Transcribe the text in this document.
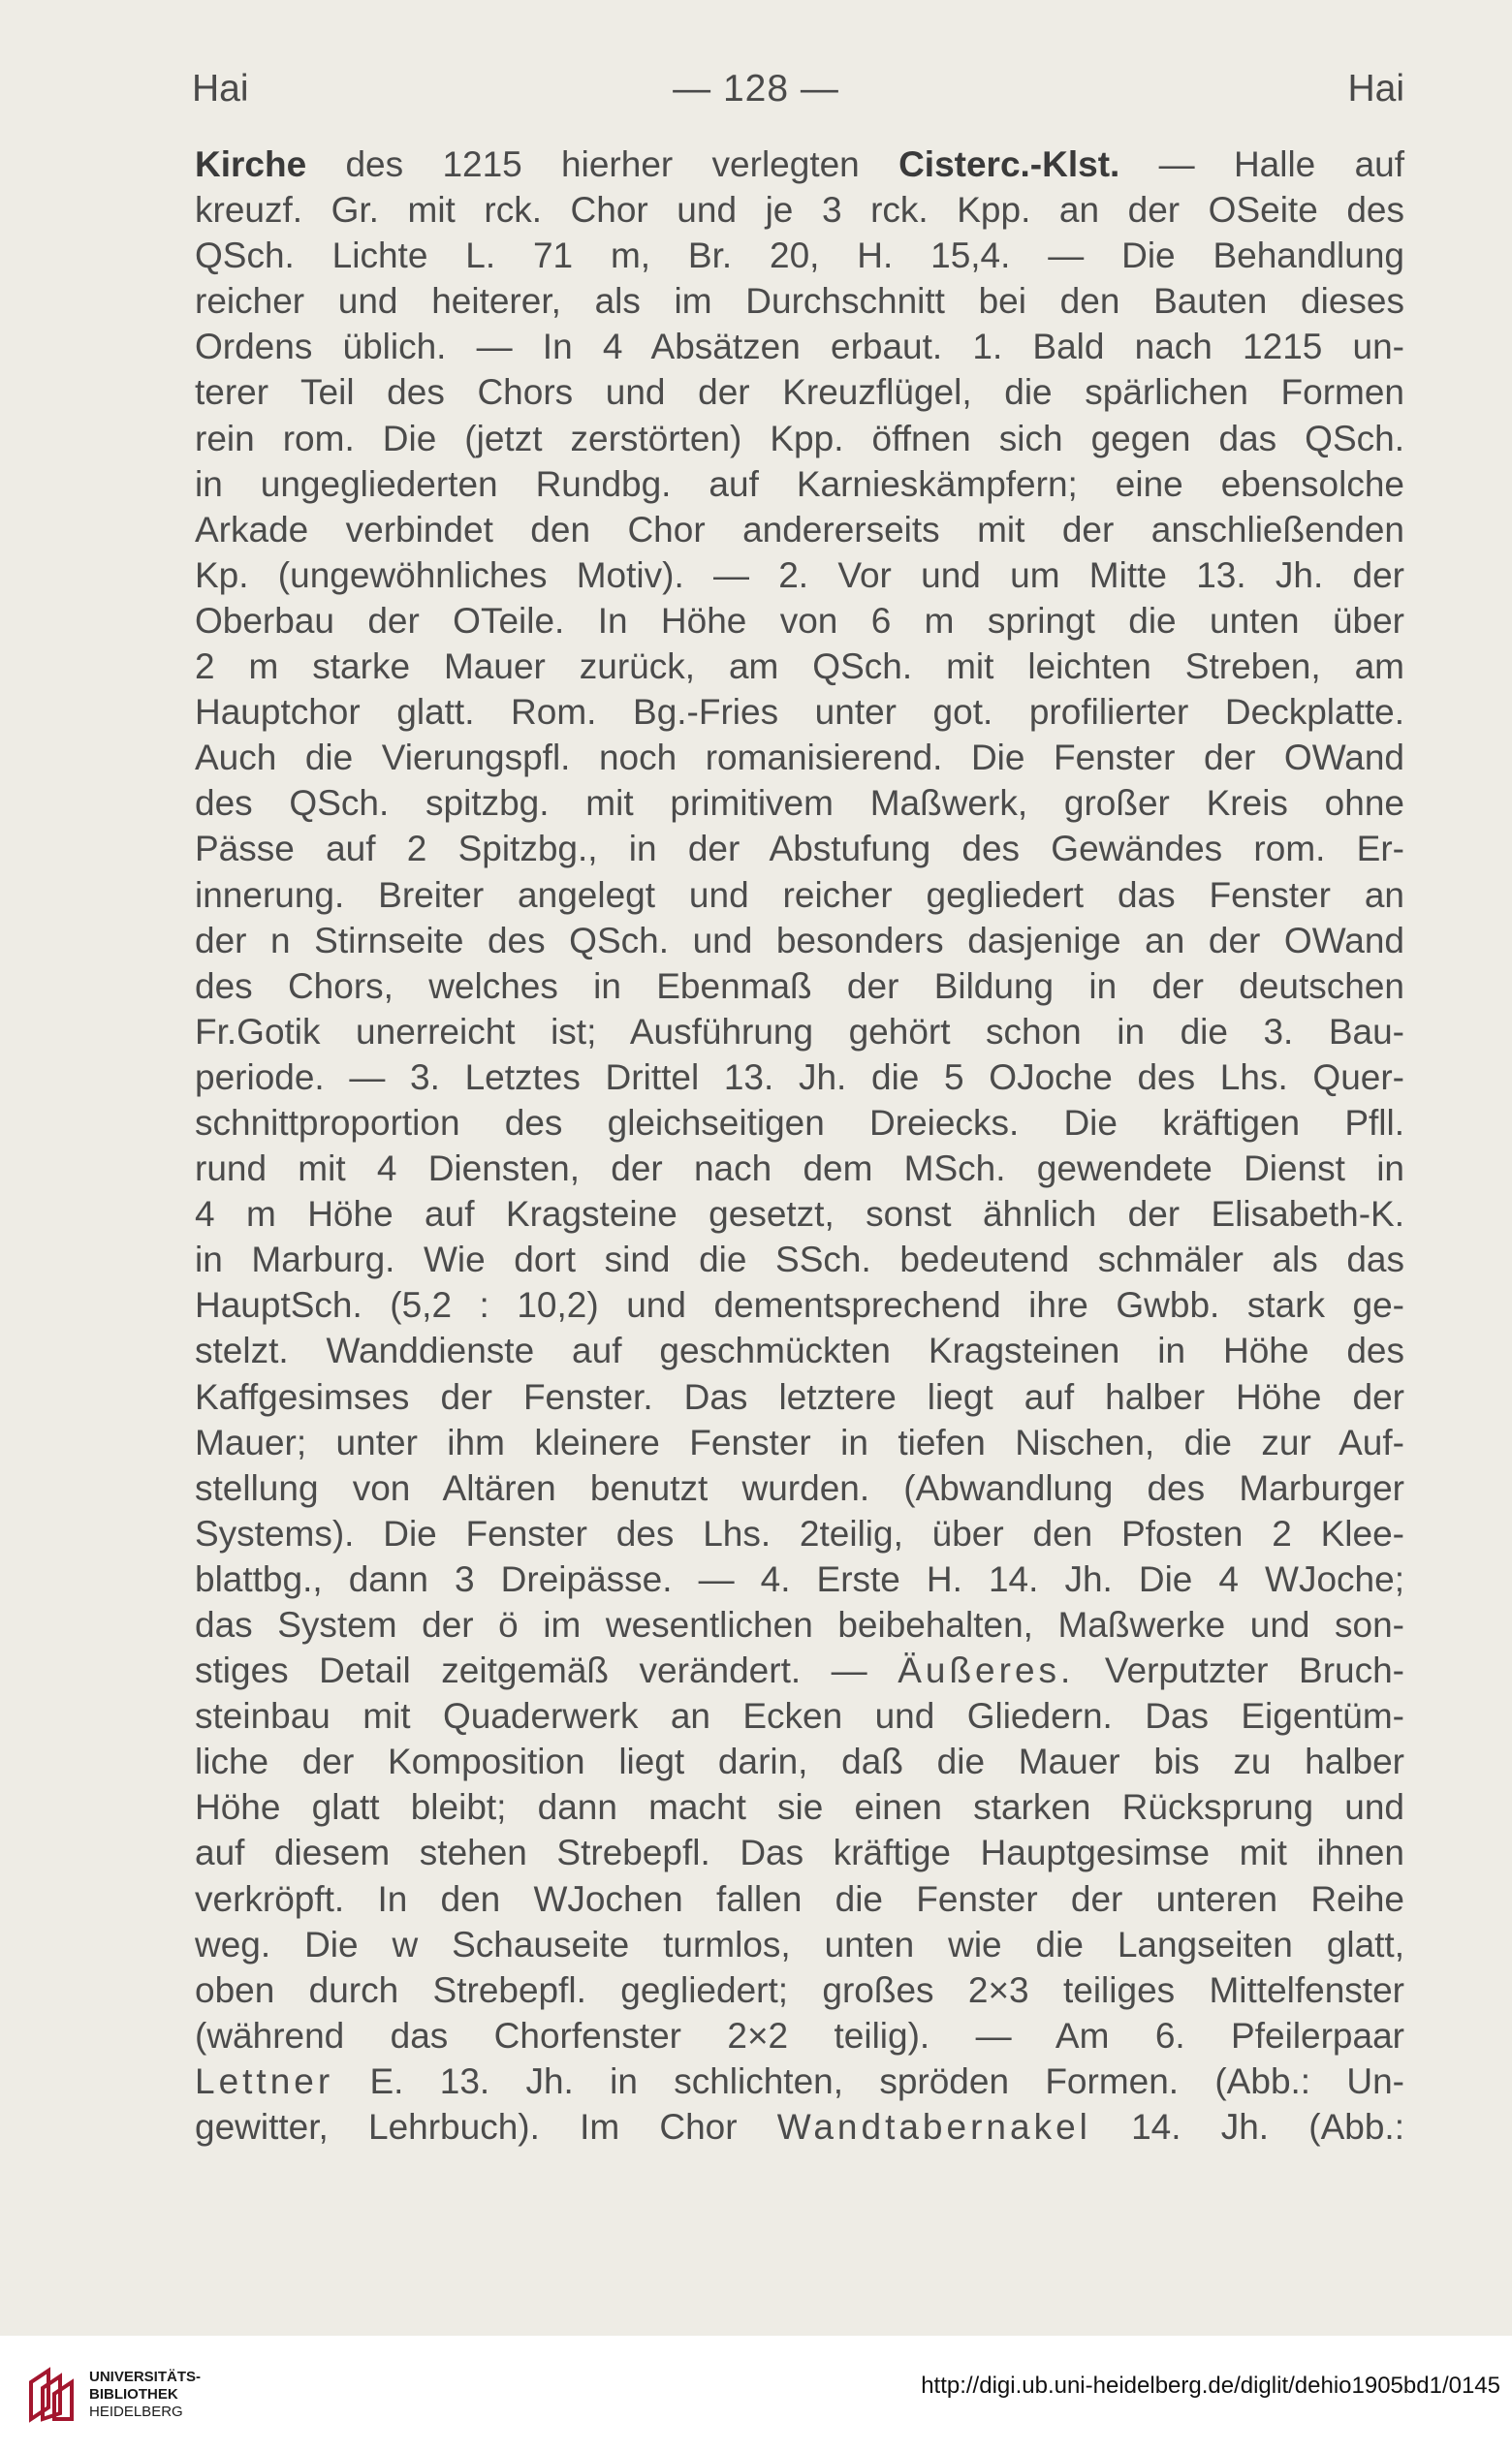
Hai	— 128 —	Hai
Kirche des 1215 hierher verlegten Cisterc.-Klst. — Halle auf
kreuzf. Gr. mit rck. Chor und je 3 rck. Kpp. an der OSeite des
QSch. Lichte L. 71 m, Br. 20, H. 15,4. — Die Behandlung
reicher und heiterer, als im Durchschnitt bei den Bauten dieses
Ordens üblich. — In 4 Absätzen erbaut. 1. Bald nach 1215 un-
terer Teil des Chors und der Kreuzflügel, die spärlichen Formen
rein rom. Die (jetzt zerstörten) Kpp. öffnen sich gegen das QSch.
in ungegliederten Rundbg. auf Karnieskämpfern; eine ebensolche
Arkade verbindet den Chor andererseits mit der anschließenden
Kp. (ungewöhnliches Motiv). — 2. Vor und um Mitte 13. Jh. der
Oberbau der OTeile. In Höhe von 6 m springt die unten über
2 m starke Mauer zurück, am QSch. mit leichten Streben, am
Hauptchor glatt. Rom. Bg.-Fries unter got. profilierter Deckplatte.
Auch die Vierungspfl. noch romanisierend. Die Fenster der OWand
des QSch. spitzbg. mit primitivem Maßwerk, großer Kreis ohne
Pässe auf 2 Spitzbg., in der Abstufung des Gewändes rom. Er-
innerung. Breiter angelegt und reicher gegliedert das Fenster an
der n Stirnseite des QSch. und besonders dasjenige an der OWand
des Chors, welches in Ebenmaß der Bildung in der deutschen
Fr.Gotik unerreicht ist; Ausführung gehört schon in die 3. Bau-
periode. — 3. Letztes Drittel 13. Jh. die 5 OJoche des Lhs. Quer-
schnittproportion des gleichseitigen Dreiecks. Die kräftigen Pfll.
rund mit 4 Diensten, der nach dem MSch. gewendete Dienst in
4 m Höhe auf Kragsteine gesetzt, sonst ähnlich der Elisabeth-K.
in Marburg. Wie dort sind die SSch. bedeutend schmäler als das
HauptSch. (5,2 : 10,2) und dementsprechend ihre Gwbb. stark ge-
stelzt. Wanddienste auf geschmückten Kragsteinen in Höhe des
Kaffgesimses der Fenster. Das letztere liegt auf halber Höhe der
Mauer; unter ihm kleinere Fenster in tiefen Nischen, die zur Auf-
stellung von Altären benutzt wurden. (Abwandlung des Marburger
Systems). Die Fenster des Lhs. 2teilig, über den Pfosten 2 Klee-
blattbg., dann 3 Dreipässe. — 4. Erste H. 14. Jh. Die 4 WJoche;
das System der ö im wesentlichen beibehalten, Maßwerke und son-
stiges Detail zeitgemäß verändert. — Äußeres. Verputzter Bruch-
steinbau mit Quaderwerk an Ecken und Gliedern. Das Eigentüm-
liche der Komposition liegt darin, daß die Mauer bis zu halber
Höhe glatt bleibt; dann macht sie einen starken Rücksprung und
auf diesem stehen Strebepfl. Das kräftige Hauptgesimse mit ihnen
verkröpft. In den WJochen fallen die Fenster der unteren Reihe
weg. Die w Schauseite turmlos, unten wie die Langseiten glatt,
oben durch Strebepfl. gegliedert; großes 2×3 teiliges Mittelfenster
(während das Chorfenster 2×2 teilig). — Am 6. Pfeilerpaar
Lettner E. 13. Jh. in schlichten, spröden Formen. (Abb.: Un-
gewitter, Lehrbuch). Im Chor Wandtabernakel 14. Jh. (Abb.:
UNIVERSITÄTS-
BIBLIOTHEK
HEIDELBERG
http://digi.ub.uni-heidelberg.de/diglit/dehio1905bd1/0145
